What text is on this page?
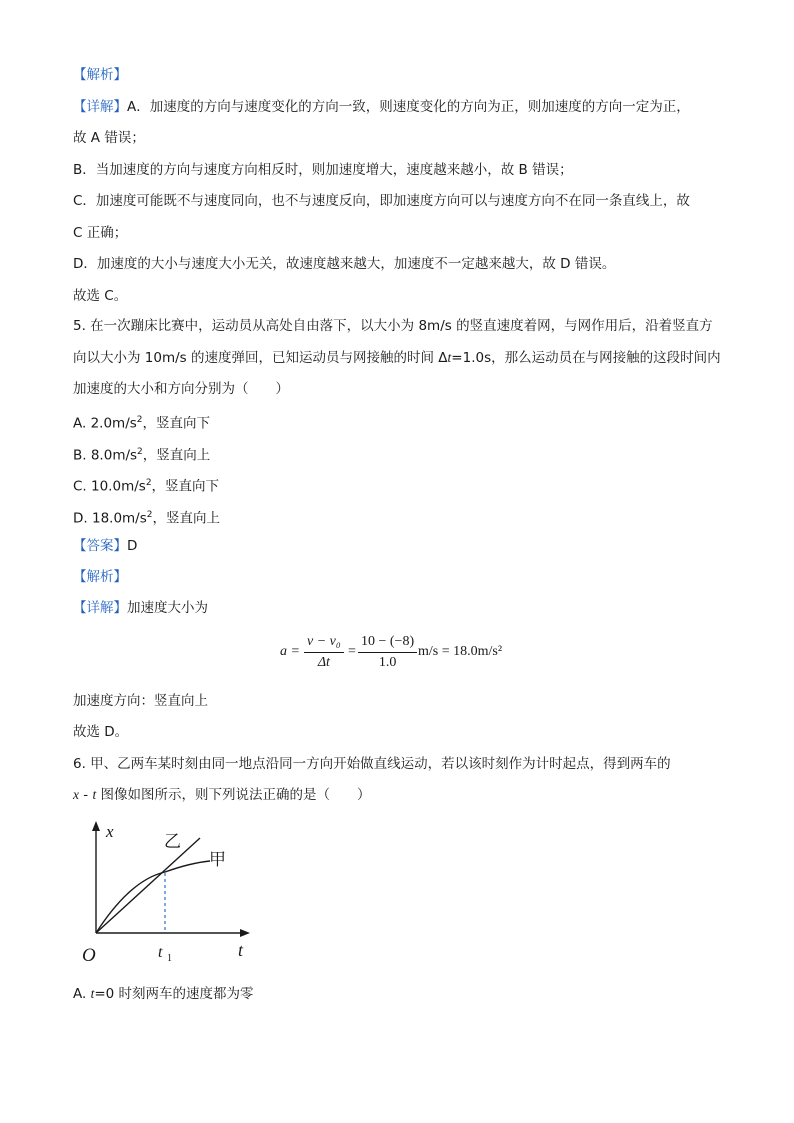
【解析】
【详解】A．加速度的方向与速度变化的方向一致，则速度变化的方向为正，则加速度的方向一定为正，
故 A 错误；
B．当加速度的方向与速度方向相反时，则加速度增大，速度越来越小，故 B 错误；
C．加速度可能既不与速度同向，也不与速度反向，即加速度方向可以与速度方向不在同一条直线上，故
C 正确；
D．加速度的大小与速度大小无关，故速度越来越大，加速度不一定越来越大，故 D 错误。
故选 C。
5. 在一次蹦床比赛中，运动员从高处自由落下，以大小为 8m/s 的竖直速度着网，与网作用后，沿着竖直方
向以大小为 10m/s 的速度弹回，已知运动员与网接触的时间 Δt=1.0s，那么运动员在与网接触的这段时间内
加速度的大小和方向分别为（　　）
A. $2.0m/s^2$，竖直向下
B. $8.0m/s^2$，竖直向上
C. $10.0m/s^2$，竖直向下
D. $18.0m/s^2$，竖直向上
【答案】D
【解析】
【详解】加速度大小为
$a = \frac{\text{v − v₀}}{\Delta t} = \frac{10 - (-8)}{1.0} m/s = 18.0m/s^2$
加速度方向：竖直向上
故选 D。
6. 甲、乙两车某时刻由同一地点沿同一方向开始做直线运动，若以该时刻作为计时起点，得到两车的
x - t 图像如图所示，则下列说法正确的是（　　）
x
O	t
t 1
乙
甲
A. t=0 时刻两车的速度都为零
